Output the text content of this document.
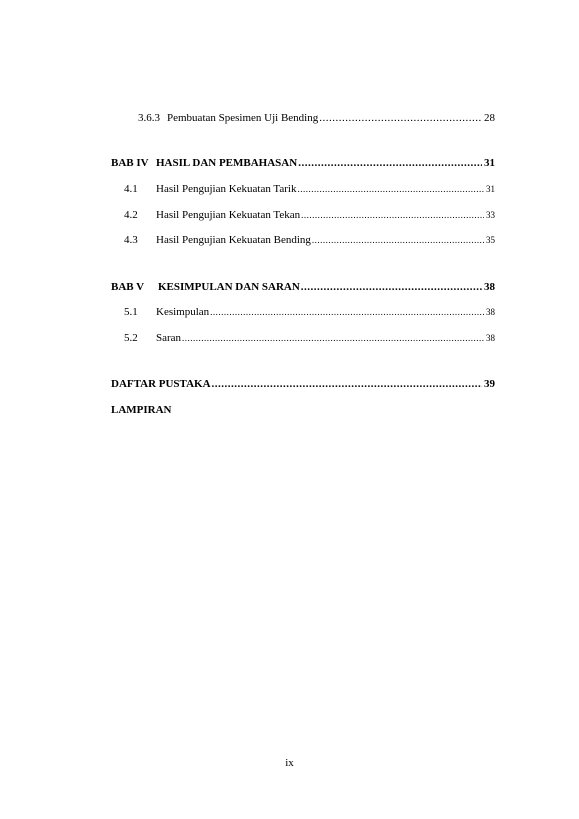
3.6.3 Pembuatan Spesimen Uji Bending .....	28
BAB IV HASIL DAN PEMBAHASAN .....	31
4.1	Hasil Pengujian Kekuatan Tarik .....	31
4.2	Hasil Pengujian Kekuatan Tekan .....	33
4.3	Hasil Pengujian Kekuatan Bending .....	35
BAB V	KESIMPULAN DAN SARAN .....	38
5.1	Kesimpulan .....	38
5.2	Saran .....	38
DAFTAR PUSTAKA .....	39
LAMPIRAN
ix
